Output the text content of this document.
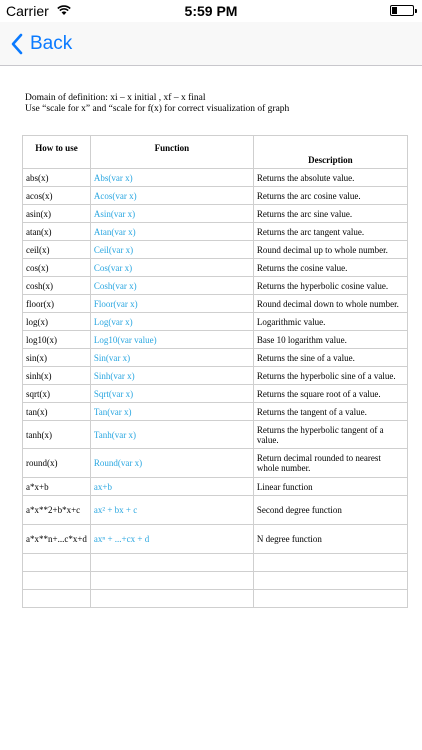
Carrier	5:59 PM
Back
Domain of definition: xi – x initial , xf – x final
Use “scale for x” and “scale for f(x) for correct visualization of graph
How to use	Function	Description
abs(x)	Abs(var x)	Returns the absolute value.
acos(x)	Acos(var x)	Returns the arc cosine value.
asin(x)	Asin(var x)	Returns the arc sine value.
atan(x)	Atan(var x)	Returns the arc tangent value.
ceil(x)	Ceil(var x)	Round decimal up to whole number.
cos(x)	Cos(var x)	Returns the cosine value.
cosh(x)	Cosh(var x)	Returns the hyperbolic cosine value.
floor(x)	Floor(var x)	Round decimal down to whole number.
log(x)	Log(var x)	Logarithmic value.
log10(x)	Log10(var value)	Base 10 logarithm value.
sin(x)	Sin(var x)	Returns the sine of a value.
sinh(x)	Sinh(var x)	Returns the hyperbolic sine of a value.
sqrt(x)	Sqrt(var x)	Returns the square root of a value.
tan(x)	Tan(var x)	Returns the tangent of a value.
tanh(x)	Tanh(var x)	Returns the hyperbolic tangent of a value.
round(x)	Round(var x)	Return decimal rounded to nearest whole number.
a*x+b	ax+b	Linear function
a*x**2+b*x+c	ax² + bx + c	Second degree function
a*x**n+...c*x+d	axⁿ + ...+cx + d	N degree function
